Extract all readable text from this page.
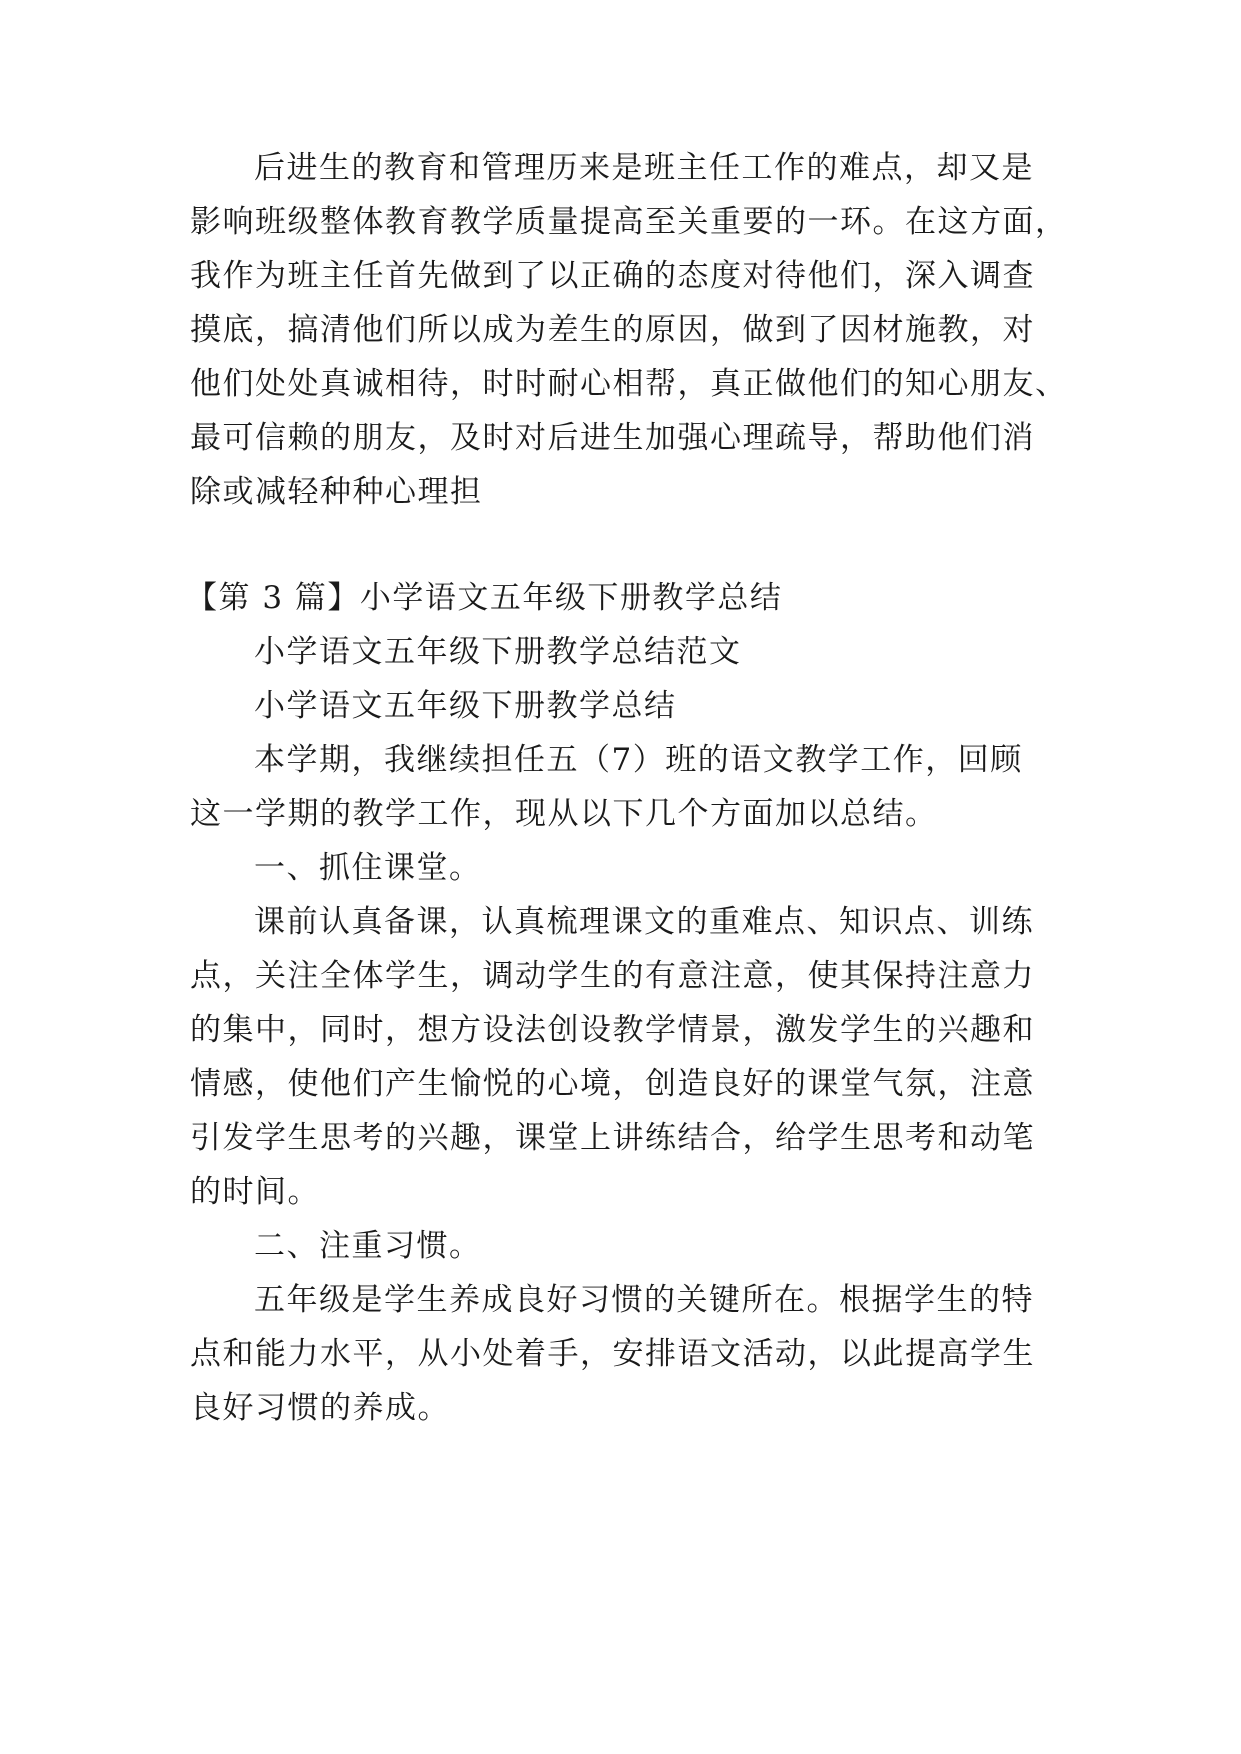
后进生的教育和管理历来是班主任工作的难点，却又是
影响班级整体教育教学质量提高至关重要的一环。在这方面，
我作为班主任首先做到了以正确的态度对待他们，深入调查
摸底，搞清他们所以成为差生的原因，做到了因材施教，对
他们处处真诚相待，时时耐心相帮，真正做他们的知心朋友、
最可信赖的朋友，及时对后进生加强心理疏导，帮助他们消
除或减轻种种心理担
【第 3 篇】小学语文五年级下册教学总结
小学语文五年级下册教学总结范文
小学语文五年级下册教学总结
本学期，我继续担任五（7）班的语文教学工作，回顾
这一学期的教学工作，现从以下几个方面加以总结。
一、抓住课堂。
课前认真备课，认真梳理课文的重难点、知识点、训练
点，关注全体学生，调动学生的有意注意，使其保持注意力
的集中，同时，想方设法创设教学情景，激发学生的兴趣和
情感，使他们产生愉悦的心境，创造良好的课堂气氛，注意
引发学生思考的兴趣，课堂上讲练结合，给学生思考和动笔
的时间。
二、注重习惯。
五年级是学生养成良好习惯的关键所在。根据学生的特
点和能力水平，从小处着手，安排语文活动，以此提高学生
良好习惯的养成。
